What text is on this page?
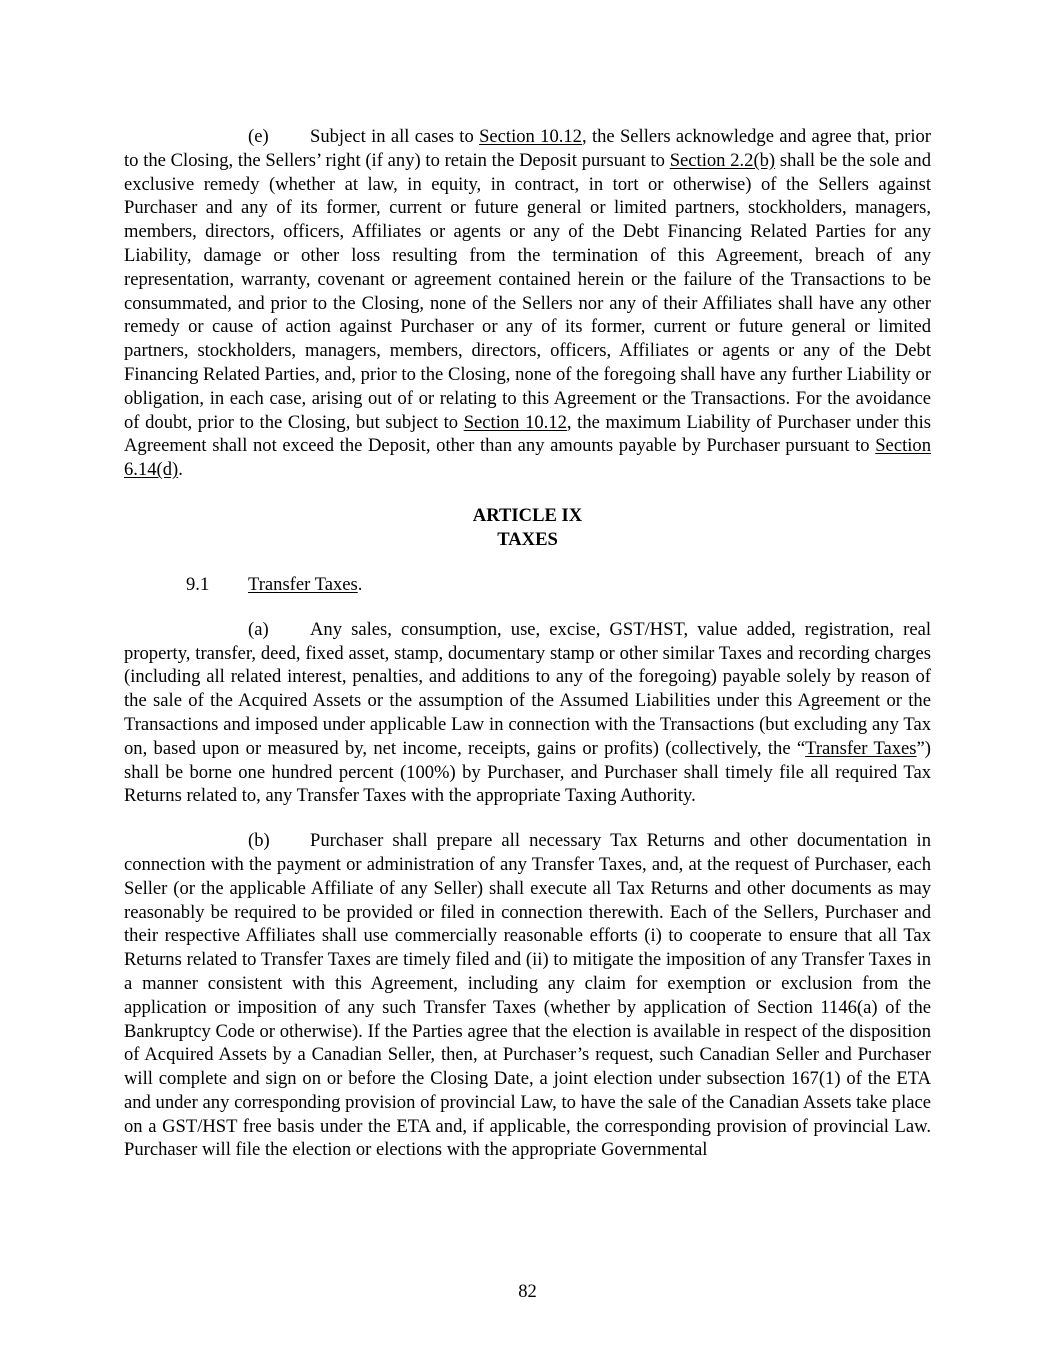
(e) Subject in all cases to Section 10.12, the Sellers acknowledge and agree that, prior to the Closing, the Sellers’ right (if any) to retain the Deposit pursuant to Section 2.2(b) shall be the sole and exclusive remedy (whether at law, in equity, in contract, in tort or otherwise) of the Sellers against Purchaser and any of its former, current or future general or limited partners, stockholders, managers, members, directors, officers, Affiliates or agents or any of the Debt Financing Related Parties for any Liability, damage or other loss resulting from the termination of this Agreement, breach of any representation, warranty, covenant or agreement contained herein or the failure of the Transactions to be consummated, and prior to the Closing, none of the Sellers nor any of their Affiliates shall have any other remedy or cause of action against Purchaser or any of its former, current or future general or limited partners, stockholders, managers, members, directors, officers, Affiliates or agents or any of the Debt Financing Related Parties, and, prior to the Closing, none of the foregoing shall have any further Liability or obligation, in each case, arising out of or relating to this Agreement or the Transactions. For the avoidance of doubt, prior to the Closing, but subject to Section 10.12, the maximum Liability of Purchaser under this Agreement shall not exceed the Deposit, other than any amounts payable by Purchaser pursuant to Section 6.14(d).

ARTICLE IX
TAXES

9.1 Transfer Taxes.

(a) Any sales, consumption, use, excise, GST/HST, value added, registration, real property, transfer, deed, fixed asset, stamp, documentary stamp or other similar Taxes and recording charges (including all related interest, penalties, and additions to any of the foregoing) payable solely by reason of the sale of the Acquired Assets or the assumption of the Assumed Liabilities under this Agreement or the Transactions and imposed under applicable Law in connection with the Transactions (but excluding any Tax on, based upon or measured by, net income, receipts, gains or profits) (collectively, the “Transfer Taxes”) shall be borne one hundred percent (100%) by Purchaser, and Purchaser shall timely file all required Tax Returns related to, any Transfer Taxes with the appropriate Taxing Authority.

(b) Purchaser shall prepare all necessary Tax Returns and other documentation in connection with the payment or administration of any Transfer Taxes, and, at the request of Purchaser, each Seller (or the applicable Affiliate of any Seller) shall execute all Tax Returns and other documents as may reasonably be required to be provided or filed in connection therewith. Each of the Sellers, Purchaser and their respective Affiliates shall use commercially reasonable efforts (i) to cooperate to ensure that all Tax Returns related to Transfer Taxes are timely filed and (ii) to mitigate the imposition of any Transfer Taxes in a manner consistent with this Agreement, including any claim for exemption or exclusion from the application or imposition of any such Transfer Taxes (whether by application of Section 1146(a) of the Bankruptcy Code or otherwise). If the Parties agree that the election is available in respect of the disposition of Acquired Assets by a Canadian Seller, then, at Purchaser’s request, such Canadian Seller and Purchaser will complete and sign on or before the Closing Date, a joint election under subsection 167(1) of the ETA and under any corresponding provision of provincial Law, to have the sale of the Canadian Assets take place on a GST/HST free basis under the ETA and, if applicable, the corresponding provision of provincial Law. Purchaser will file the election or elections with the appropriate Governmental

82
